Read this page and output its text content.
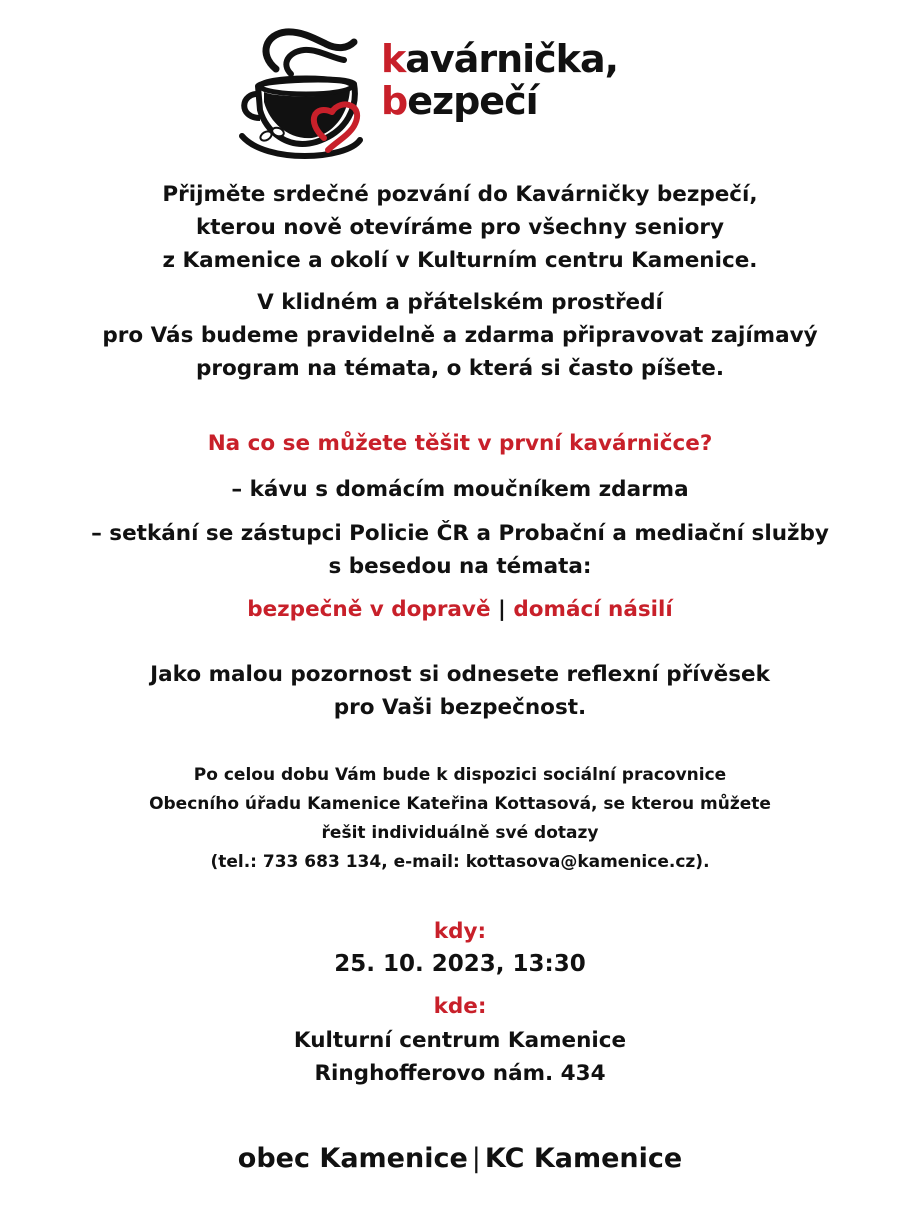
kavárnička,
bezpečí
Přijměte srdečné pozvání do Kavárničky bezpečí,
kterou nově otevíráme pro všechny seniory
z Kamenice a okolí v Kulturním centru Kamenice.
V klidném a přátelském prostředí
pro Vás budeme pravidelně a zdarma připravovat zajímavý
program na témata, o která si často píšete.
Na co se můžete těšit v první kavárničce?
– kávu s domácím moučníkem zdarma
– setkání se zástupci Policie ČR a Probační a mediační služby
s besedou na témata:
bezpečně v dopravě | domácí násilí
Jako malou pozornost si odnesete reflexní přívěsek
pro Vaši bezpečnost.
Po celou dobu Vám bude k dispozici sociální pracovnice
Obecního úřadu Kamenice Kateřina Kottasová, se kterou můžete
řešit individuálně své dotazy
(tel.: 733 683 134, e-mail: kottasova@kamenice.cz).
kdy:
25. 10. 2023, 13:30
kde:
Kulturní centrum Kamenice
Ringhofferovo nám. 434
obec Kamenice | KC Kamenice
